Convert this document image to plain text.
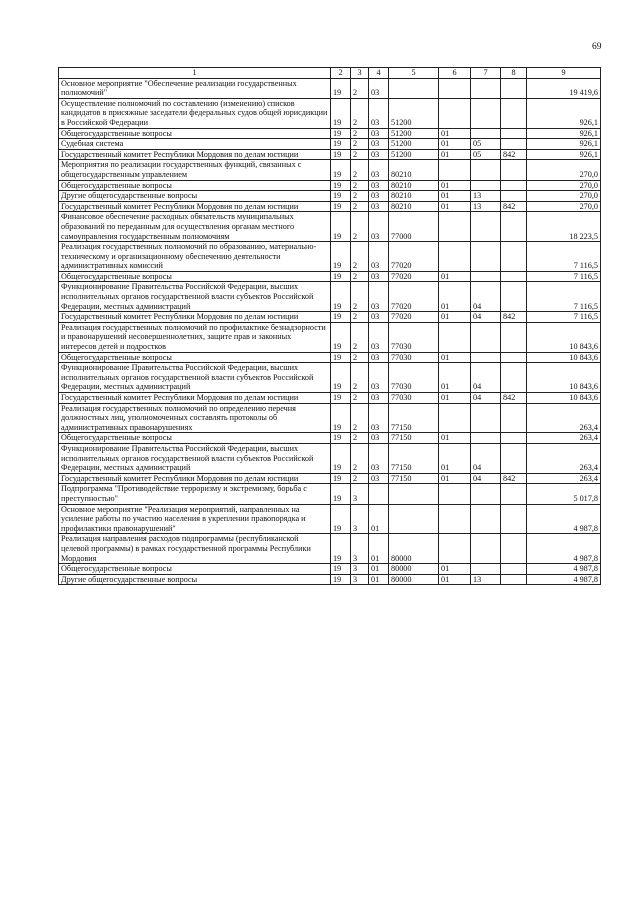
69
1	2	3	4	5	6	7	8	9
Основное мероприятие "Обеспечение реализации государственных полномочий"	19	2	03					19 419,6
Осуществление полномочий по составлению (изменению) списков кандидатов в присяжные заседатели федеральных судов общей юрисдикции в Российской Федерации	19	2	03	51200				926,1
Общегосударственные вопросы	19	2	03	51200	01			926,1
Судебная система	19	2	03	51200	01	05		926,1
Государственный комитет Республики Мордовия по делам юстиции	19	2	03	51200	01	05	842	926,1
Мероприятия по реализации государственных функций, связанных с общегосударственным управлением	19	2	03	80210				270,0
Общегосударственные вопросы	19	2	03	80210	01			270,0
Другие общегосударственные вопросы	19	2	03	80210	01	13		270,0
Государственный комитет Республики Мордовия по делам юстиции	19	2	03	80210	01	13	842	270,0
Финансовое обеспечение расходных обязательств муниципальных образований по переданным для осуществления органам местного самоуправления государственным полномочиям	19	2	03	77000				18 223,5
Реализация государственных полномочий по образованию, материально-техническому и организационному обеспечению деятельности административных комиссий	19	2	03	77020				7 116,5
Общегосударственные вопросы	19	2	03	77020	01			7 116,5
Функционирование Правительства Российской Федерации, высших исполнительных органов государственной власти субъектов Российской Федерации, местных администраций	19	2	03	77020	01	04		7 116,5
Государственный комитет Республики Мордовия по делам юстиции	19	2	03	77020	01	04	842	7 116,5
Реализация государственных полномочий по профилактике безнадзорности и правонарушений несовершеннолетних, защите прав и законных интересов детей и подростков	19	2	03	77030				10 843,6
Общегосударственные вопросы	19	2	03	77030	01			10 843,6
Функционирование Правительства Российской Федерации, высших исполнительных органов государственной власти субъектов Российской Федерации, местных администраций	19	2	03	77030	01	04		10 843,6
Государственный комитет Республики Мордовия по делам юстиции	19	2	03	77030	01	04	842	10 843,6
Реализация государственных полномочий по определению перечня должностных лиц, уполномоченных составлять протоколы об административных правонарушениях	19	2	03	77150				263,4
Общегосударственные вопросы	19	2	03	77150	01			263,4
Функционирование Правительства Российской Федерации, высших исполнительных органов государственной власти субъектов Российской Федерации, местных администраций	19	2	03	77150	01	04		263,4
Государственный комитет Республики Мордовия по делам юстиции	19	2	03	77150	01	04	842	263,4
Подпрограмма "Противодействие терроризму и экстремизму, борьба с преступностью"	19	3						5 017,8
Основное мероприятие "Реализация мероприятий, направленных на усиление работы по участию населения в укреплении правопорядка и профилактики правонарушений"	19	3	01					4 987,8
Реализация направления расходов подпрограммы (республиканской целевой программы) в рамках государственной программы Республики Мордовия	19	3	01	80000				4 987,8
Общегосударственные вопросы	19	3	01	80000	01			4 987,8
Другие общегосударственные вопросы	19	3	01	80000	01	13		4 987,8
